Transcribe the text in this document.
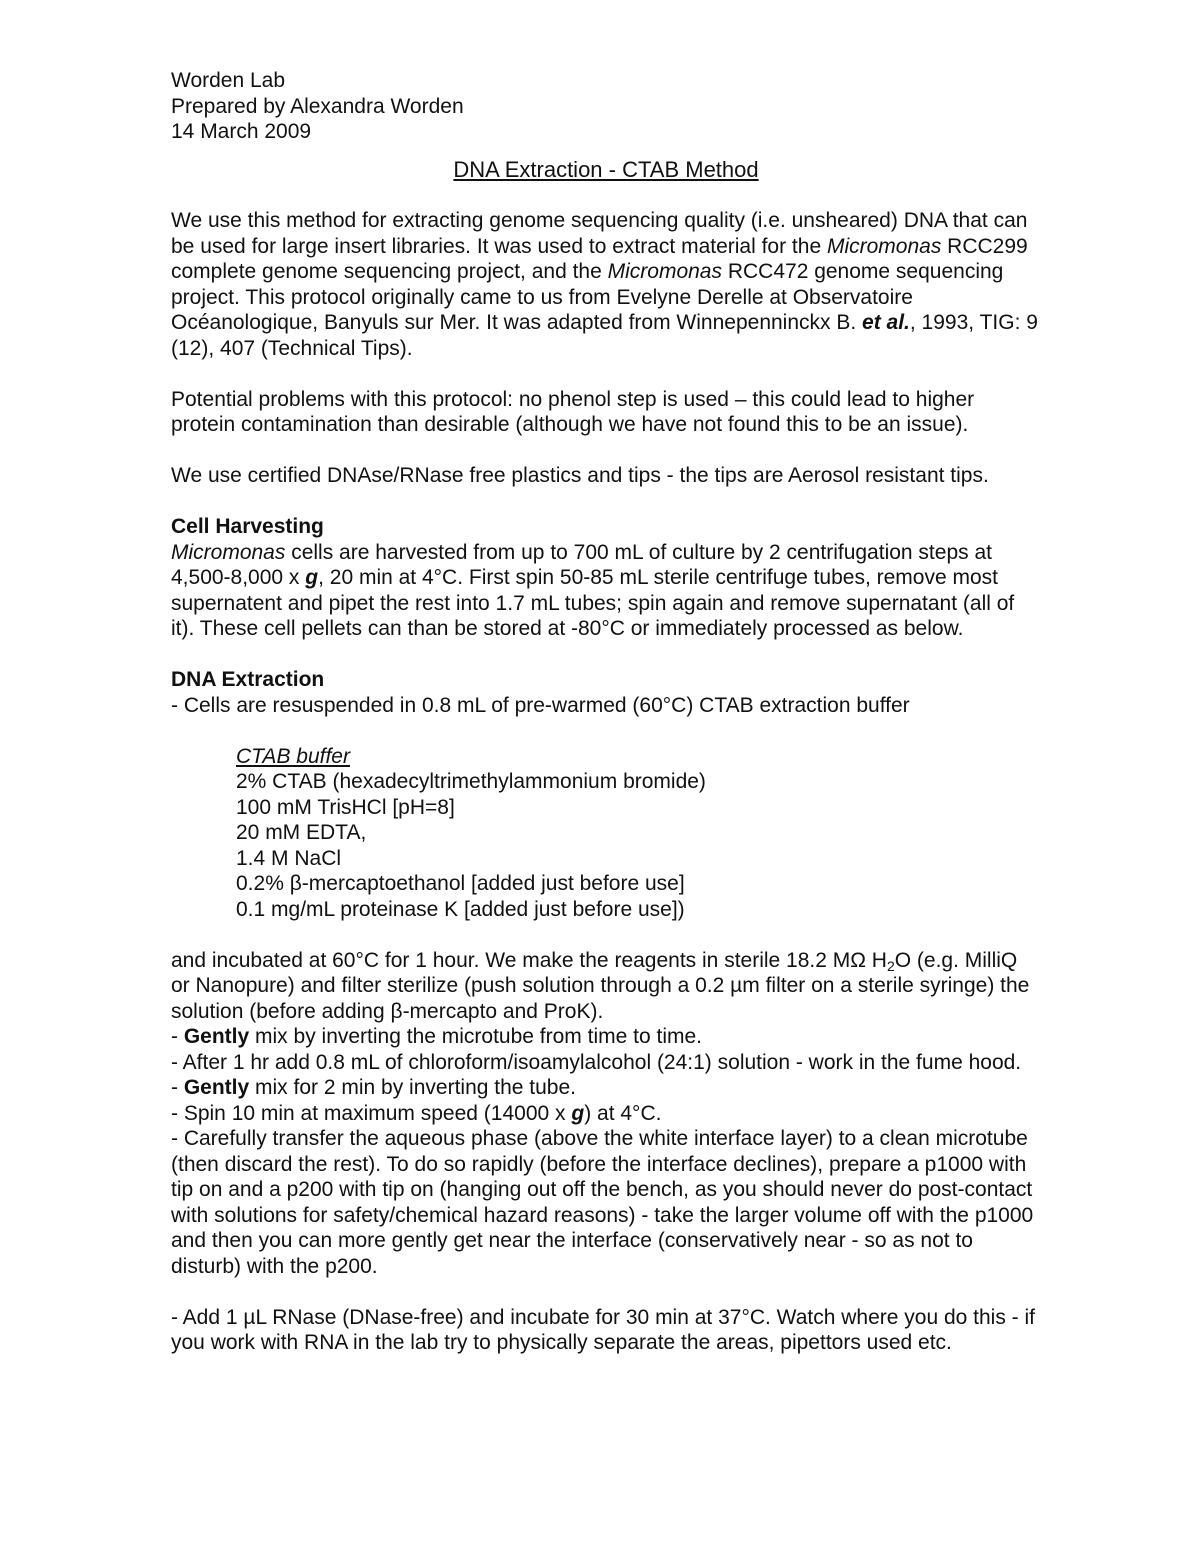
Worden Lab

Prepared by Alexandra Worden

14 March 2009

DNA Extraction - CTAB Method

We use this method for extracting genome sequencing quality (i.e. unsheared) DNA that can be used for large insert libraries. It was used to extract material for the Micromonas RCC299 complete genome sequencing project, and the Micromonas RCC472 genome sequencing project. This protocol originally came to us from Evelyne Derelle at Observatoire Océanologique, Banyuls sur Mer. It was adapted from Winnepenninckx B. et al., 1993, TIG: 9 (12), 407 (Technical Tips).

Potential problems with this protocol: no phenol step is used – this could lead to higher protein contamination than desirable (although we have not found this to be an issue).

We use certified DNAse/RNase free plastics and tips - the tips are Aerosol resistant tips.

Cell Harvesting

Micromonas cells are harvested from up to 700 mL of culture by 2 centrifugation steps at 4,500-8,000 x g, 20 min at 4°C. First spin 50-85 mL sterile centrifuge tubes, remove most supernatent and pipet the rest into 1.7 mL tubes; spin again and remove supernatant (all of it). These cell pellets can than be stored at -80°C or immediately processed as below.

DNA Extraction

- Cells are resuspended in 0.8 mL of pre-warmed (60°C) CTAB extraction buffer

CTAB buffer

2% CTAB (hexadecyltrimethylammonium bromide)

100 mM TrisHCl [pH=8]

20 mM EDTA,

1.4 M NaCl

0.2% β-mercaptoethanol [added just before use]

0.1 mg/mL proteinase K [added just before use])

and incubated at 60°C for 1 hour. We make the reagents in sterile 18.2 MΩ $H_2O$ (e.g. MilliQ or Nanopure) and filter sterilize (push solution through a 0.2 µm filter on a sterile syringe) the solution (before adding β-mercapto and ProK).

- Gently mix by inverting the microtube from time to time.

- After 1 hr add 0.8 mL of chloroform/isoamylalcohol (24:1) solution - work in the fume hood.

- Gently mix for 2 min by inverting the tube.

- Spin 10 min at maximum speed (14000 x g) at 4°C.

- Carefully transfer the aqueous phase (above the white interface layer) to a clean microtube (then discard the rest). To do so rapidly (before the interface declines), prepare a p1000 with tip on and a p200 with tip on (hanging out off the bench, as you should never do post-contact with solutions for safety/chemical hazard reasons) - take the larger volume off with the p1000 and then you can more gently get near the interface (conservatively near - so as not to disturb) with the p200.

- Add 1 µL RNase (DNase-free) and incubate for 30 min at 37°C. Watch where you do this - if you work with RNA in the lab try to physically separate the areas, pipettors used etc.
